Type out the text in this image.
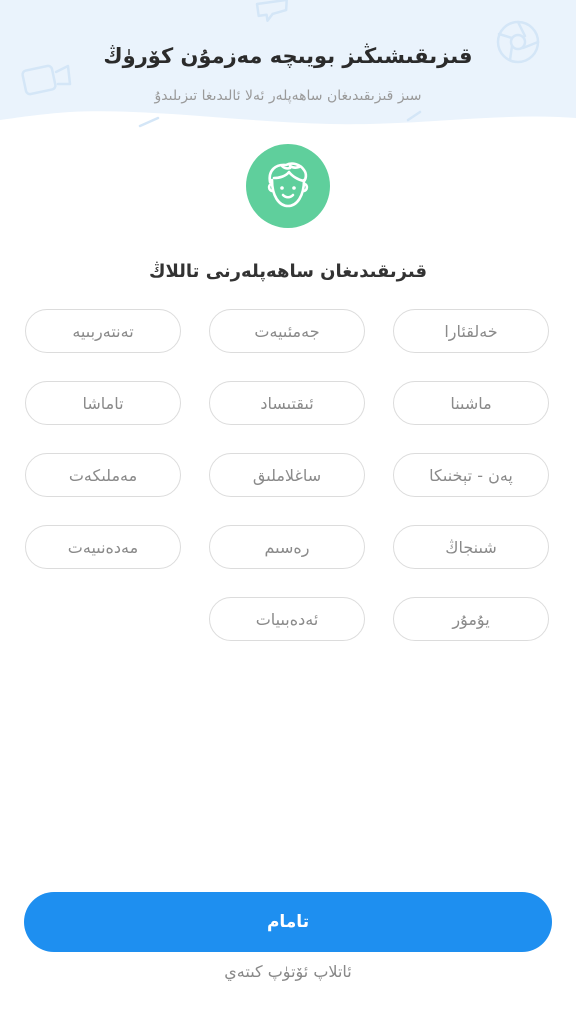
قىزىقىشىڭىز بويىچە مەزمۇن كۆرۈڭ
سىز قىزىقىدىغان ساھەپلەر ئەلا ئالىدىغا تىزىلىدۇ
قىزىقىدىغان ساھەپلەرنى تاللاڭ
خەلقئارا
جەمئىيەت
تەنتەربىيە
ماشىنا
ئىقتىساد
تاماشا
پەن - تېخنىكا
ساغلاملىق
مەملىكەت
شىنجاڭ
رەسىم
مەدەنىيەت
يۇمۇر
ئەدەبىيات
تامام
ئاتلاپ ئۆتۈپ كىتەي
